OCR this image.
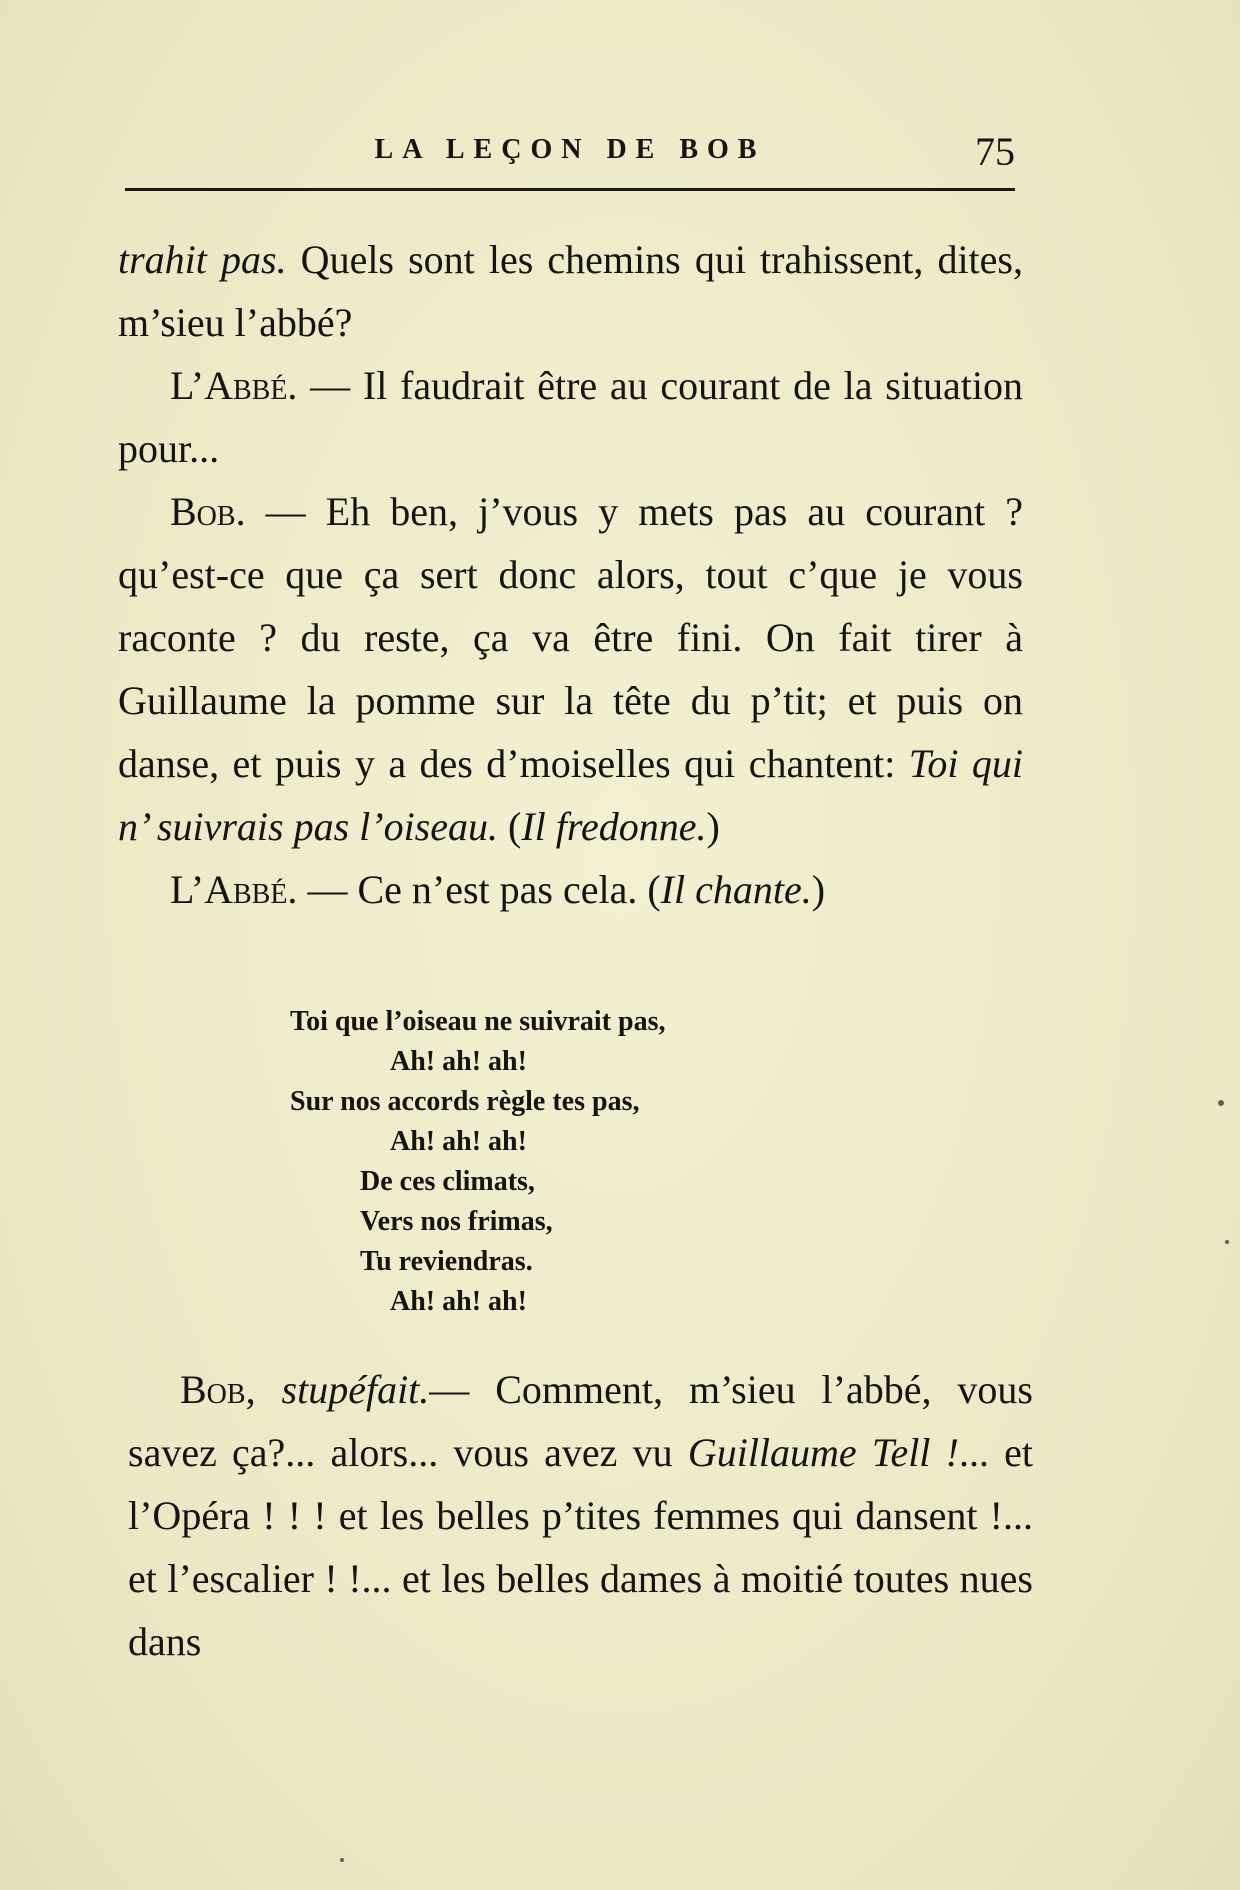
LA LEÇON DE BOB	75

trahit pas. Quels sont les chemins qui trahissent, dites, m’sieu l’abbé?

L’Abbé. — Il faudrait être au courant de la situation pour...

Bob. — Eh ben, j’vous y mets pas au courant ? qu’est-ce que ça sert donc alors, tout c’que je vous raconte ? du reste, ça va être fini. On fait tirer à Guillaume la pomme sur la tête du p’tit; et puis on danse, et puis y a des d’moiselles qui chantent: Toi qui n’ suivrais pas l’oiseau. (Il fredonne.)

L’Abbé. — Ce n’est pas cela. (Il chante.)

Toi que l’oiseau ne suivrait pas,
Ah! ah! ah!
Sur nos accords règle tes pas,
Ah! ah! ah!
De ces climats,
Vers nos frimas,
Tu reviendras.
Ah! ah! ah!

Bob, stupéfait.— Comment, m’sieu l’abbé, vous savez ça?... alors... vous avez vu Guillaume Tell !... et l’Opéra ! ! ! et les belles p’tites femmes qui dansent !... et l’escalier ! !... et les belles dames à moitié toutes nues dans
